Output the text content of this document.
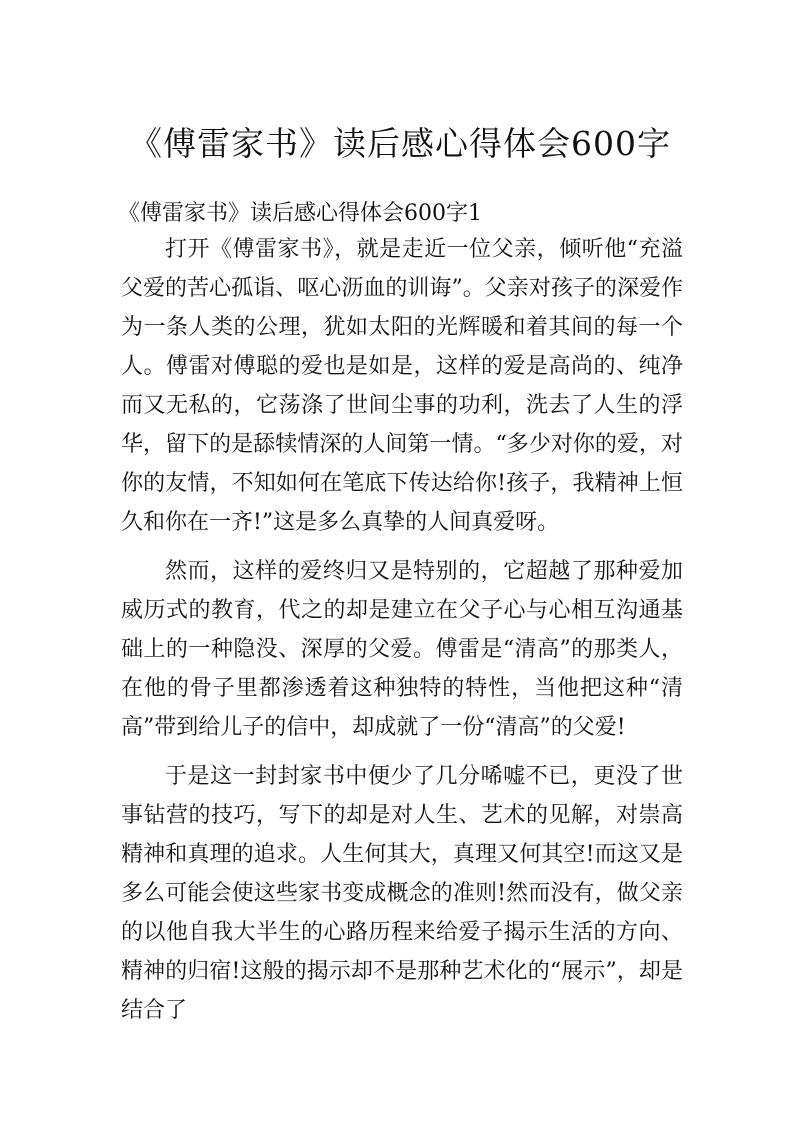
《傅雷家书》读后感心得体会600字

《傅雷家书》读后感心得体会600字1

打开《傅雷家书》，就是走近一位父亲，倾听他“充溢父爱的苦心孤诣、呕心沥血的训诲”。父亲对孩子的深爱作为一条人类的公理，犹如太阳的光辉暖和着其间的每一个人。傅雷对傅聪的爱也是如是，这样的爱是高尚的、纯净而又无私的，它荡涤了世间尘事的功利，洗去了人生的浮华，留下的是舔犊情深的人间第一情。“多少对你的爱，对你的友情，不知如何在笔底下传达给你!孩子，我精神上恒久和你在一齐!”这是多么真挚的人间真爱呀。

然而，这样的爱终归又是特别的，它超越了那种爱加威历式的教育，代之的却是建立在父子心与心相互沟通基础上的一种隐没、深厚的父爱。傅雷是“清高”的那类人，在他的骨子里都渗透着这种独特的特性，当他把这种“清高”带到给儿子的信中，却成就了一份“清高”的父爱!

于是这一封封家书中便少了几分唏嘘不已，更没了世事钻营的技巧，写下的却是对人生、艺术的见解，对崇高精神和真理的追求。人生何其大，真理又何其空!而这又是多么可能会使这些家书变成概念的准则!然而没有，做父亲的以他自我大半生的心路历程来给爱子揭示生活的方向、精神的归宿!这般的揭示却不是那种艺术化的“展示”，却是结合了
